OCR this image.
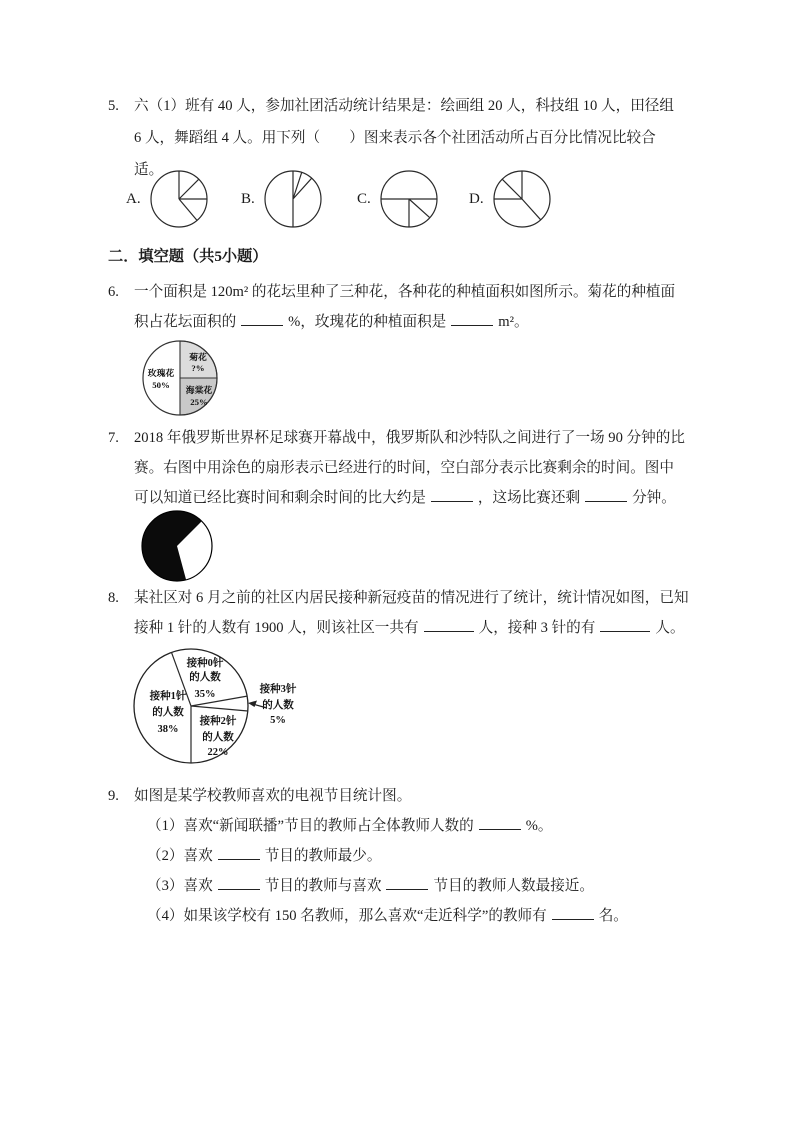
5.	六（1）班有 40 人，参加社团活动统计结果是：绘画组 20 人，科技组 10 人，田径组 6 人，舞蹈组 4 人。用下列（　　）图来表示各个社团活动所占百分比情况比较合适。
A.	B.	C.	D.
二．填空题（共5小题）
6.	一个面积是 120m² 的花坛里种了三种花，各种花的种植面积如图所示。菊花的种植面积占花坛面积的	%，玫瑰花的种植面积是	m²。
菊花
?%
海棠花
25%
玫瑰花
50%
7.	2018 年俄罗斯世界杯足球赛开幕战中，俄罗斯队和沙特队之间进行了一场 90 分钟的比赛。右图中用涂色的扇形表示已经进行的时间，空白部分表示比赛剩余的时间。图中可以知道已经比赛时间和剩余时间的比大约是	，这场比赛还剩	分钟。
8.	某社区对 6 月之前的社区内居民接种新冠疫苗的情况进行了统计，统计情况如图，已知接种 1 针的人数有 1900 人，则该社区一共有	人，接种 3 针的有	人。
接种0针
的人数
35%
接种1针
的人数
38%
接种2针
的人数
22%
接种3针
的人数
5%
9.	如图是某学校教师喜欢的电视节目统计图。
（1）喜欢“新闻联播”节目的教师占全体教师人数的	%。
（2）喜欢	节目的教师最少。
（3）喜欢	节目的教师与喜欢	节目的教师人数最接近。
（4）如果该学校有 150 名教师，那么喜欢“走近科学”的教师有	名。
